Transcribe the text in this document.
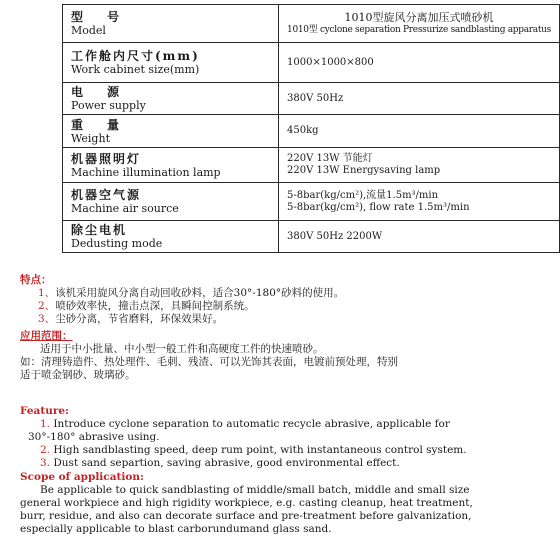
型　号
Model	1010型旋风分离加压式喷砂机
1010型 cyclone separation Pressurize sandblasting apparatus

工作舱内尺寸(mm)
Work cabinet size(mm)	1000×1000×800

电　源
Power supply	380V 50Hz

重　量
Weight	450kg

机器照明灯
Machine illumination lamp	220V 13W 节能灯
220V 13W Energysaving lamp

机器空气源
Machine air source	5-8bar(kg/cm²),流量1.5m³/min
5-8bar(kg/cm²), flow rate 1.5m³/min

除尘电机
Dedusting mode	380V 50Hz 2200W
特点：
1、该机采用旋风分离自动回收砂料，适合30°-180°砂料的使用。
2、喷砂效率快，撞击点深，具瞬间控制系统。
3、尘砂分离，节省磨料，环保效果好。
应用范围：
适用于中小批量、中小型一般工件和高硬度工件的快速喷砂。
如：清理铸造件、热处理件、毛刺、残渣、可以光饰其表面，电镀前预处理，特别
适于喷金钢砂、玻璃砂。
Feature:
1. Introduce cyclone separation to automatic recycle abrasive, applicable for
30°-180° abrasive using.
2. High sandblasting speed, deep rum point, with instantaneous control system.
3. Dust sand separtion, saving abrasive, good environmental effect.
Scope of application:
Be applicable to quick sandblasting of middle/small batch, middle and small size
general workpiece and high rigidity workpiece, e.g. casting cleanup, heat treatment,
burr, residue, and also can decorate surface and pre-treatment before galvanization,
especially applicable to blast carborundumand glass sand.
